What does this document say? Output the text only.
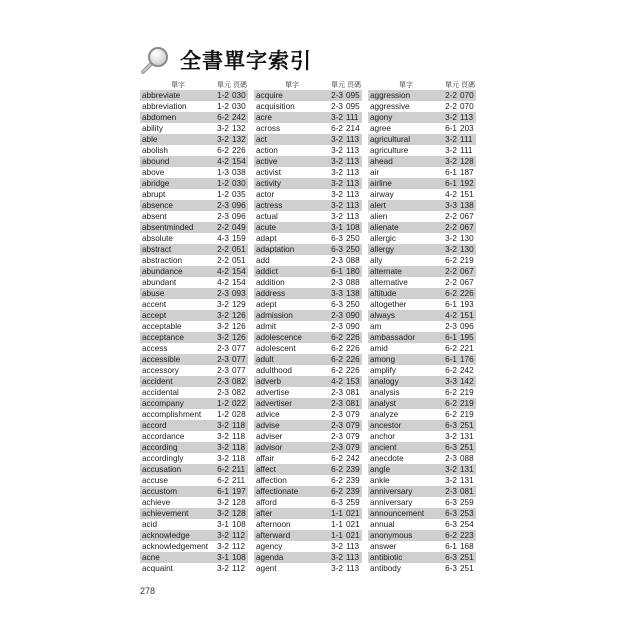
全書單字索引
單字	單元 頁碼
abbreviate	1-2 030
abbreviation	1-2 030
abdomen	6-2 242
ability	3-2 132
able	3-2 132
abolish	6-2 226
abound	4-2 154
above	1-3 038
abridge	1-2 030
abrupt	1-2 035
absence	2-3 096
absent	2-3 096
absentminded	2-2 049
absolute	4-3 159
abstract	2-2 051
abstraction	2-2 051
abundance	4-2 154
abundant	4-2 154
abuse	2-3 093
accent	3-2 129
accept	3-2 126
acceptable	3-2 126
acceptance	3-2 126
access	2-3 077
accessible	2-3 077
accessory	2-3 077
accident	2-3 082
accidental	2-3 082
accompany	1-2 022
accomplishment	1-2 028
accord	3-2 118
accordance	3-2 118
according	3-2 118
accordingly	3-2 118
accusation	6-2 211
accuse	6-2 211
accustom	6-1 197
achieve	3-2 128
achievement	3-2 128
acid	3-1 108
acknowledge	3-2 112
acknowledgement	3-2 112
acne	3-1 108
acquaint	3-2 112
單字	單元 頁碼
acquire	2-3 095
acquisition	2-3 095
acre	3-2 111
across	6-2 214
act	3-2 113
action	3-2 113
active	3-2 113
activist	3-2 113
activity	3-2 113
actor	3-2 113
actress	3-2 113
actual	3-2 113
acute	3-1 108
adapt	6-3 250
adaptation	6-3 250
add	2-3 088
addict	6-1 180
addition	2-3 088
address	3-3 138
adept	6-3 250
admission	2-3 090
admit	2-3 090
adolescence	6-2 226
adolescent	6-2 226
adult	6-2 226
adulthood	6-2 226
adverb	4-2 153
advertise	2-3 081
advertiser	2-3 081
advice	2-3 079
advise	2-3 079
adviser	2-3 079
advisor	2-3 079
affair	6-2 242
affect	6-2 239
affection	6-2 239
affectionate	6-2 239
afford	6-3 259
after	1-1 021
afternoon	1-1 021
afterward	1-1 021
agency	3-2 113
agenda	3-2 113
agent	3-2 113
單字	單元 頁碼
aggression	2-2 070
aggressive	2-2 070
agony	3-2 113
agree	6-1 203
agricultural	3-2 111
agriculture	3-2 111
ahead	3-2 128
air	6-1 187
airline	6-1 192
airway	4-2 151
alert	3-3 138
alien	2-2 067
alienate	2-2 067
allergic	3-2 130
allergy	3-2 130
ally	6-2 219
alternate	2-2 067
alternative	2-2 067
altitude	6-2 226
altogether	6-1 193
always	4-2 151
am	2-3 096
ambassador	6-1 195
amid	6-2 221
among	6-1 176
amplify	6-2 242
analogy	3-3 142
analysis	6-2 219
analyst	6-2 219
analyze	6-2 219
ancestor	6-3 251
anchor	3-2 131
ancient	6-3 251
anecdote	2-3 088
angle	3-2 131
ankle	3-2 131
anniversary	2-3 081
anniversary	6-3 259
announcement	6-3 253
annual	6-3 254
anonymous	6-2 223
answer	6-1 168
antibiotic	6-3 251
antibody	6-3 251
278
